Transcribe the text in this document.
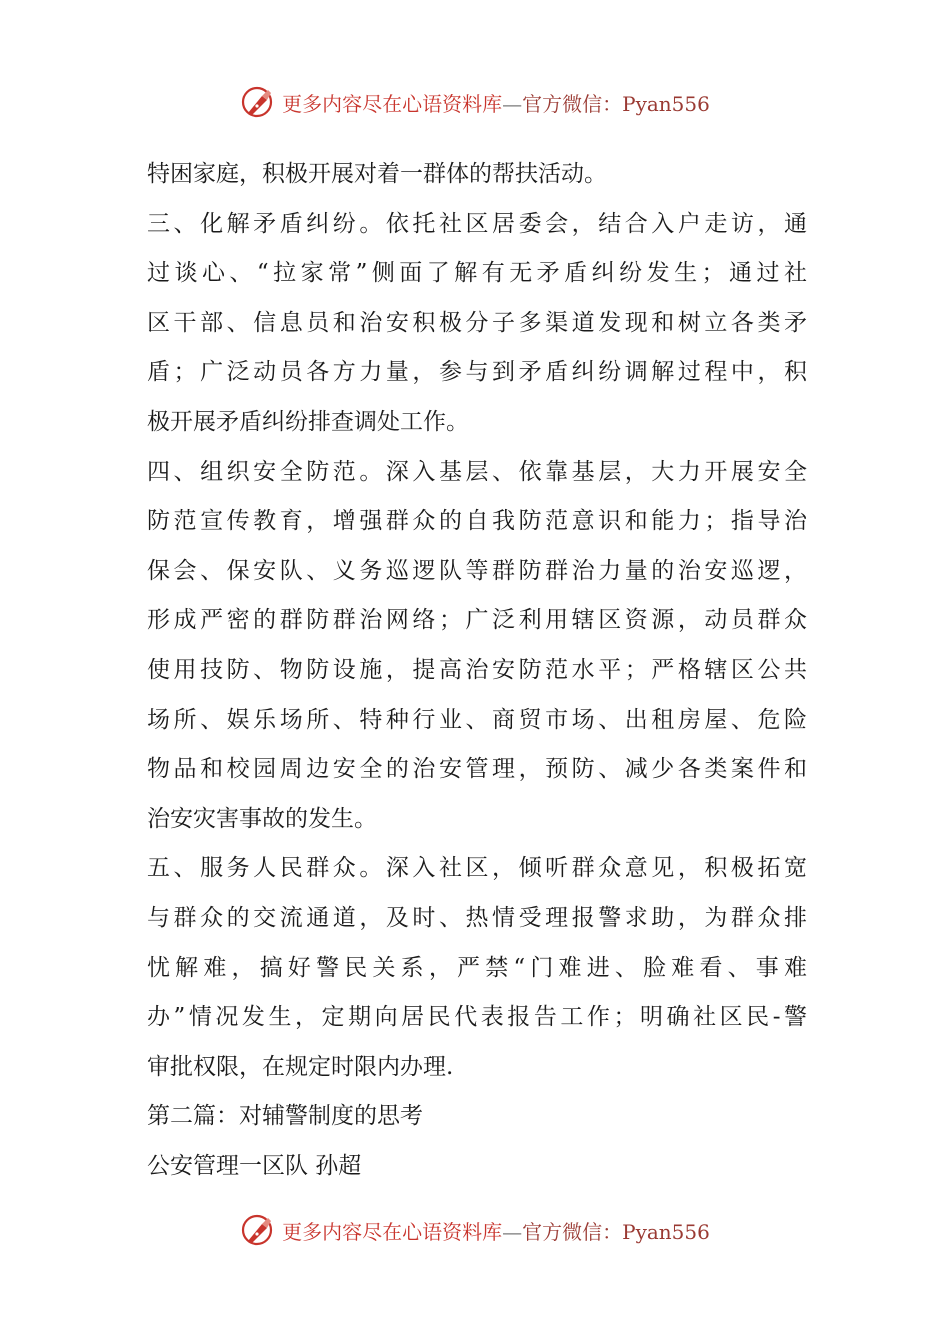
更多内容尽在心语资料库—官方微信：Pyan556
特困家庭，积极开展对着一群体的帮扶活动。
三、化解矛盾纠纷。依托社区居委会，结合入户走访，通
过谈心、“拉家常”侧面了解有无矛盾纠纷发生；通过社
区干部、信息员和治安积极分子多渠道发现和树立各类矛
盾；广泛动员各方力量，参与到矛盾纠纷调解过程中，积
极开展矛盾纠纷排查调处工作。
四、组织安全防范。深入基层、依靠基层，大力开展安全
防范宣传教育，增强群众的自我防范意识和能力；指导治
保会、保安队、义务巡逻队等群防群治力量的治安巡逻，
形成严密的群防群治网络；广泛利用辖区资源，动员群众
使用技防、物防设施，提高治安防范水平；严格辖区公共
场所、娱乐场所、特种行业、商贸市场、出租房屋、危险
物品和校园周边安全的治安管理，预防、减少各类案件和
治安灾害事故的发生。
五、服务人民群众。深入社区，倾听群众意见，积极拓宽
与群众的交流通道，及时、热情受理报警求助，为群众排
忧解难，搞好警民关系，严禁“门难进、脸难看、事难
办”情况发生，定期向居民代表报告工作；明确社区民-警
审批权限，在规定时限内办理.
第二篇：对辅警制度的思考
公安管理一区队 孙超
更多内容尽在心语资料库—官方微信：Pyan556
